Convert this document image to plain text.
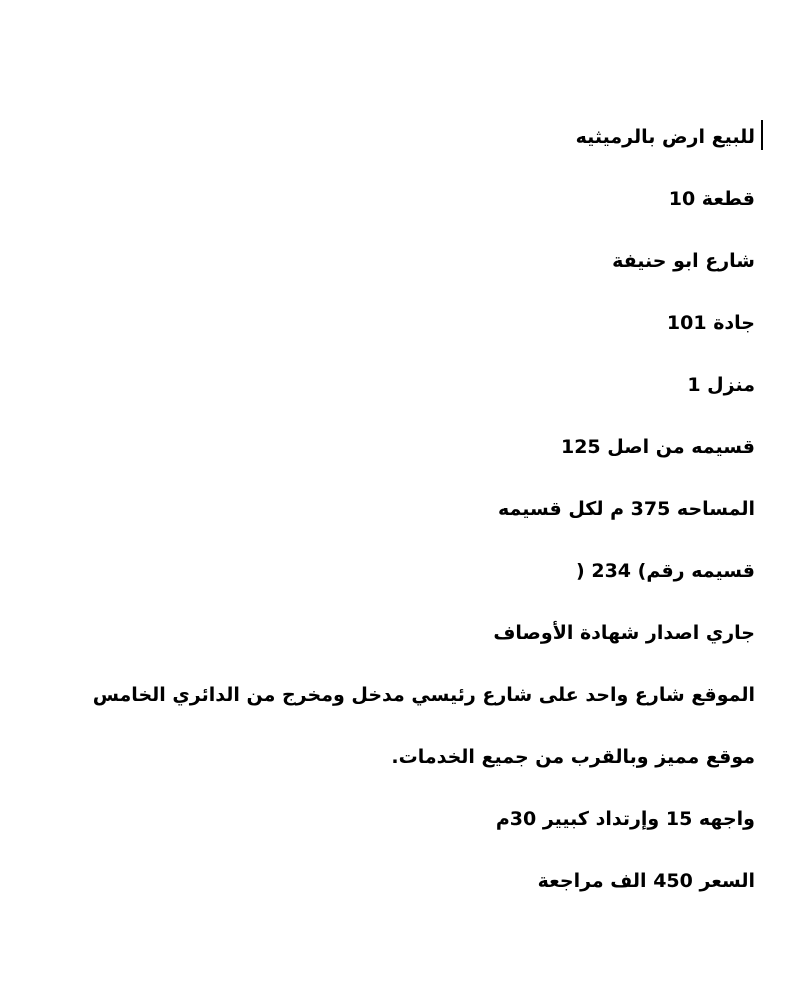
للبيع ارض بالرميثيه
قطعة 10
شارع ابو حنيفة
جادة 101
منزل 1
قسيمه من اصل 125
المساحه 375 م لكل قسيمه
قسيمه رقم) 234 (
جاري اصدار شهادة الأوصاف
الموقع شارع واحد على شارع رئيسي مدخل ومخرج من الدائري الخامس
موقع مميز وبالقرب من جميع الخدمات.
واجهه 15 وإرتداد كبيير 30م
السعر 450 الف مراجعة
